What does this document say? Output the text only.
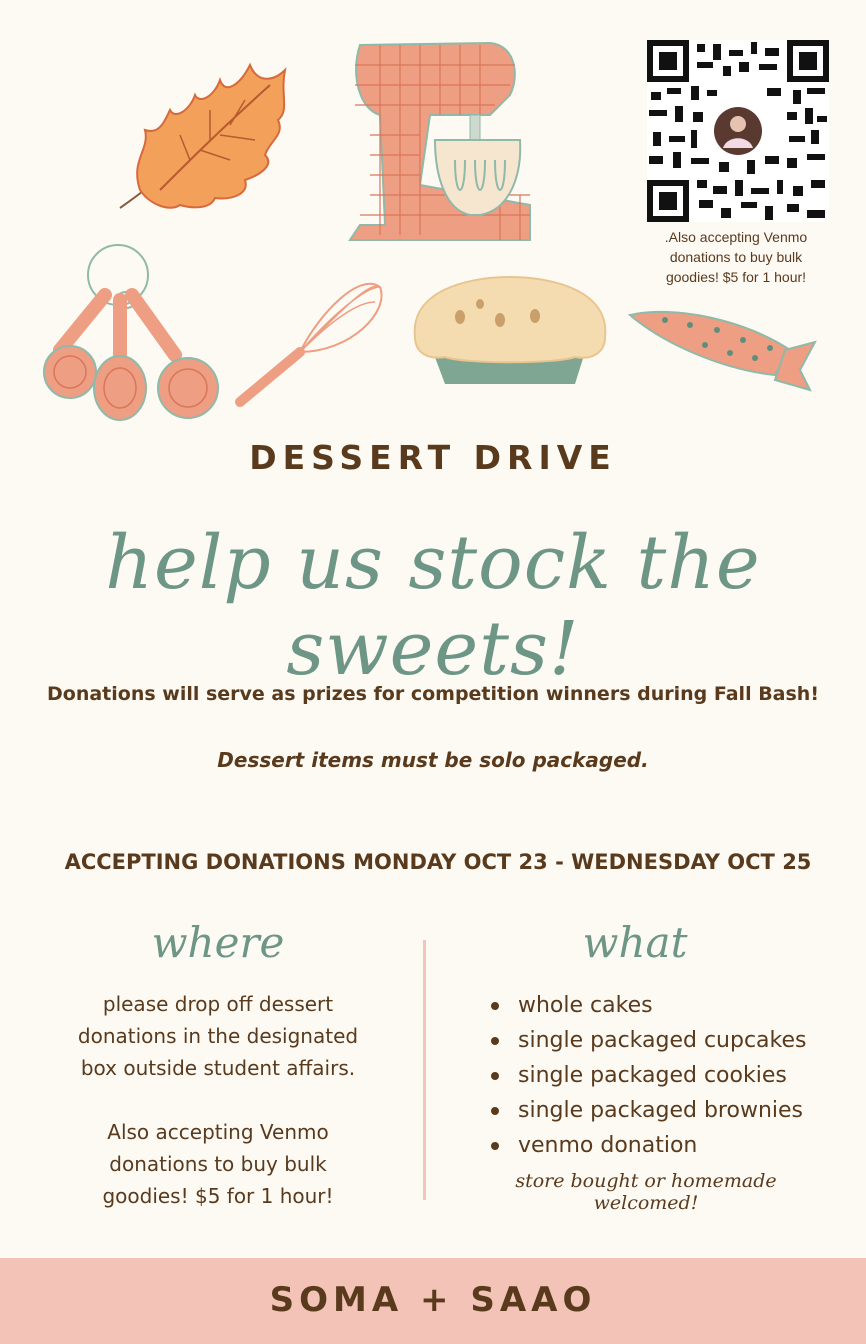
.Also accepting Venmo
donations to buy bulk
goodies! $5 for 1 hour!
DESSERT DRIVE
help us stock the sweets!
Donations will serve as prizes for competition winners during Fall Bash!
Dessert items must be solo packaged.
ACCEPTING DONATIONS MONDAY OCT 23 - WEDNESDAY OCT 25
where

please drop off dessert

donations in the designated

box outside student affairs.

Also accepting Venmo

donations to buy bulk

goodies! $5 for 1 hour!

what
whole cakes
single packaged cupcakes
single packaged cookies
single packaged brownies
venmo donation
store bought or homemade welcomed!
SOMA + SAAO
